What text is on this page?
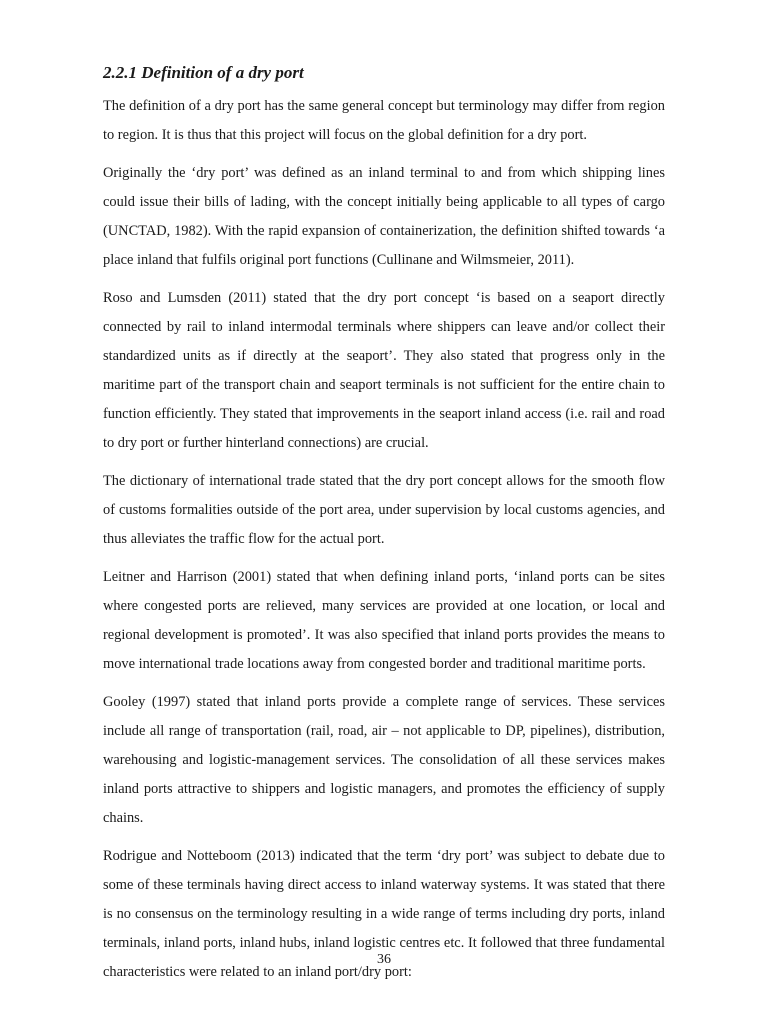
2.2.1 Definition of a dry port

The definition of a dry port has the same general concept but terminology may differ from region to region. It is thus that this project will focus on the global definition for a dry port.

Originally the ‘dry port’ was defined as an inland terminal to and from which shipping lines could issue their bills of lading, with the concept initially being applicable to all types of cargo (UNCTAD, 1982). With the rapid expansion of containerization, the definition shifted towards ‘a place inland that fulfils original port functions (Cullinane and Wilmsmeier, 2011).

Roso and Lumsden (2011) stated that the dry port concept ‘is based on a seaport directly connected by rail to inland intermodal terminals where shippers can leave and/or collect their standardized units as if directly at the seaport’. They also stated that progress only in the maritime part of the transport chain and seaport terminals is not sufficient for the entire chain to function efficiently. They stated that improvements in the seaport inland access (i.e. rail and road to dry port or further hinterland connections) are crucial.

The dictionary of international trade stated that the dry port concept allows for the smooth flow of customs formalities outside of the port area, under supervision by local customs agencies, and thus alleviates the traffic flow for the actual port.

Leitner and Harrison (2001) stated that when defining inland ports, ‘inland ports can be sites where congested ports are relieved, many services are provided at one location, or local and regional development is promoted’. It was also specified that inland ports provides the means to move international trade locations away from congested border and traditional maritime ports.

Gooley (1997) stated that inland ports provide a complete range of services. These services include all range of transportation (rail, road, air – not applicable to DP, pipelines), distribution, warehousing and logistic-management services. The consolidation of all these services makes inland ports attractive to shippers and logistic managers, and promotes the efficiency of supply chains.

Rodrigue and Notteboom (2013) indicated that the term ‘dry port’ was subject to debate due to some of these terminals having direct access to inland waterway systems. It was stated that there is no consensus on the terminology resulting in a wide range of terms including dry ports, inland terminals, inland ports, inland hubs, inland logistic centres etc. It followed that three fundamental characteristics were related to an inland port/dry port:

36
